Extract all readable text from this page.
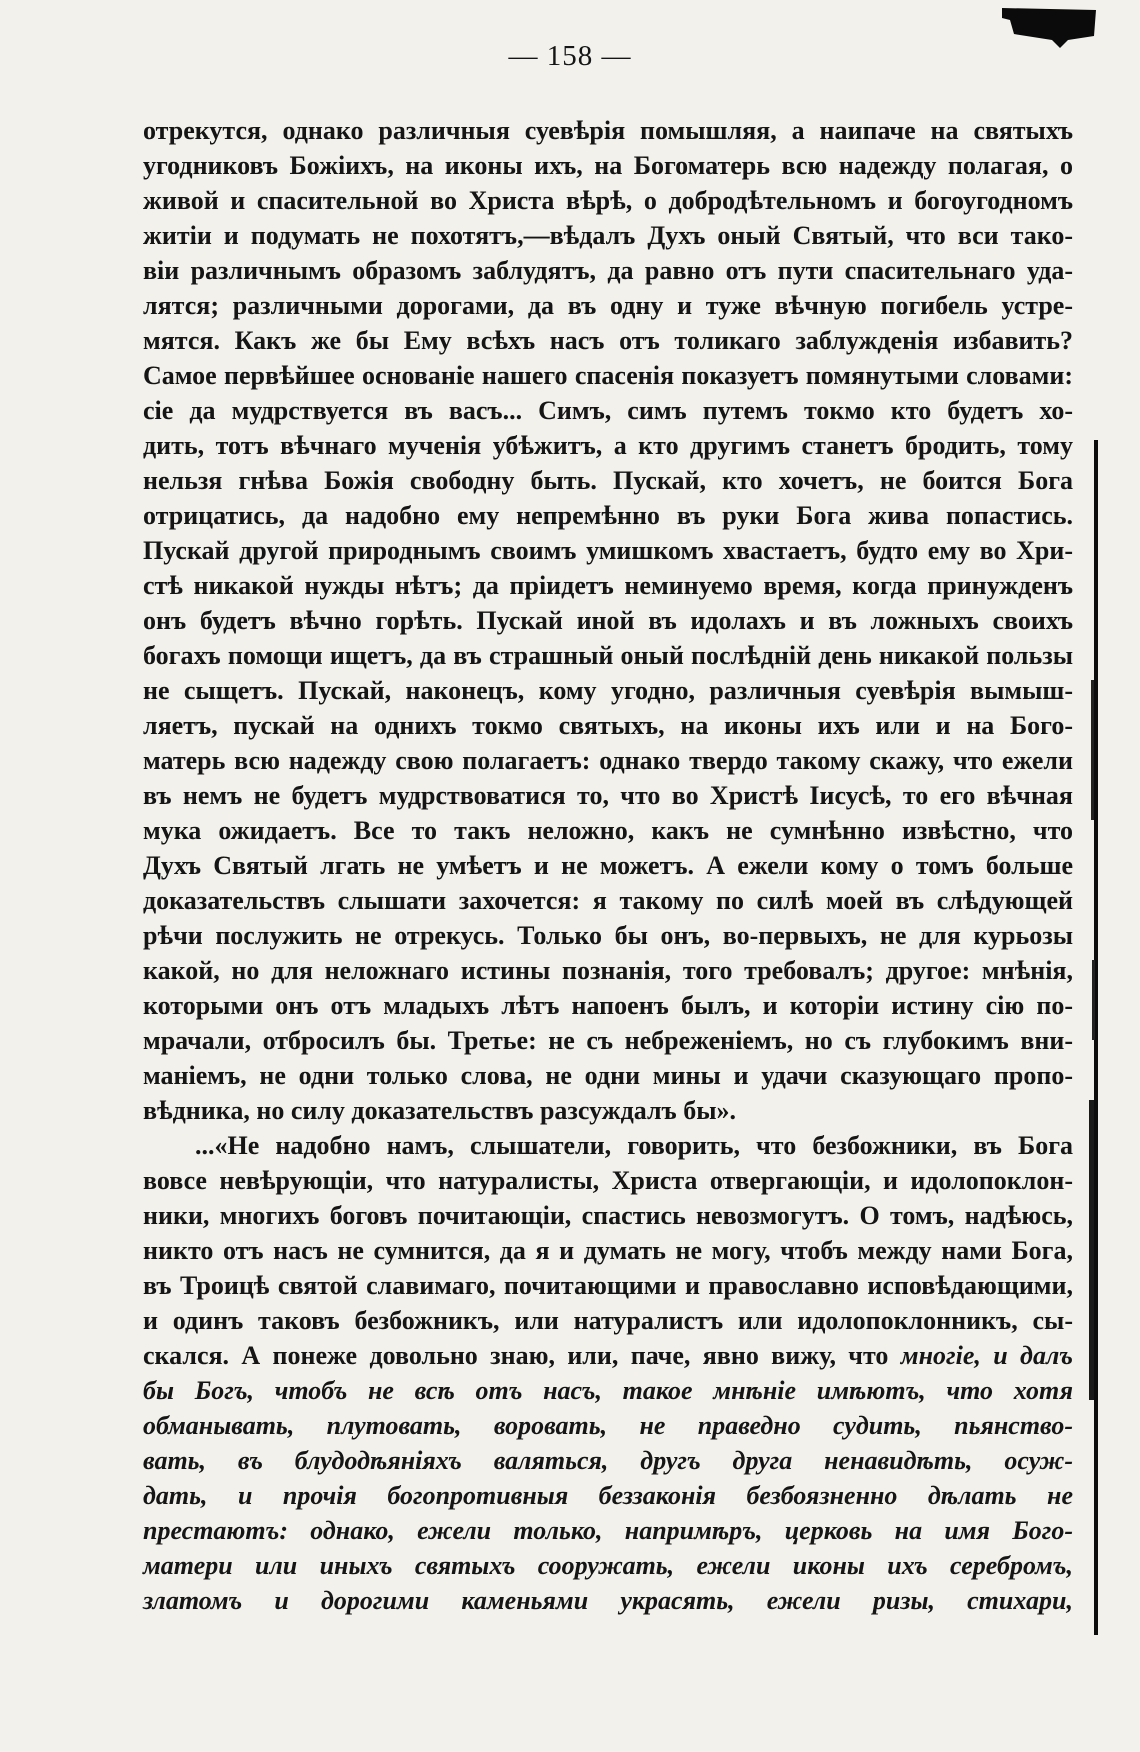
— 158 —
отрекутся, однако различныя суевѣрія помышляя, а наипаче на святыхъ
угодниковъ Божіихъ, на иконы ихъ, на Богоматерь всю надежду полагая, о
живой и спасительной во Христа вѣрѣ, о добродѣтельномъ и богоугодномъ
житіи и подумать не похотятъ,—вѣдалъ Духъ оный Святый, что вси тако-
віи различнымъ образомъ заблудятъ, да равно отъ пути спасительнаго уда-
лятся; различными дорогами, да въ одну и туже вѣчную погибель устре-
мятся. Какъ же бы Ему всѣхъ насъ отъ толикаго заблужденія избавить?
Самое первѣйшее основаніе нашего спасенія показуетъ помянутыми словами:
сіе да мудрствуется въ васъ... Симъ, симъ путемъ токмо кто будетъ хо-
дить, тотъ вѣчнаго мученія убѣжитъ, а кто другимъ станетъ бродить, тому
нельзя гнѣва Божія свободну быть. Пускай, кто хочетъ, не боится Бога
отрицатись, да надобно ему непремѣнно въ руки Бога жива попастись.
Пускай другой природнымъ своимъ умишкомъ хвастаетъ, будто ему во Хри-
стѣ никакой нужды нѣтъ; да пріидетъ неминуемо время, когда принужденъ
онъ будетъ вѣчно горѣть. Пускай иной въ идолахъ и въ ложныхъ своихъ
богахъ помощи ищетъ, да въ страшный оный послѣдній день никакой пользы
не сыщетъ. Пускай, наконецъ, кому угодно, различныя суевѣрія вымыш-
ляетъ, пускай на однихъ токмо святыхъ, на иконы ихъ или и на Бого-
матерь всю надежду свою полагаетъ: однако твердо такому скажу, что ежели
въ немъ не будетъ мудрствоватися то, что во Христѣ Іисусѣ, то его вѣчная
мука ожидаетъ. Все то такъ неложно, какъ не сумнѣнно извѣстно, что
Духъ Святый лгать не умѣетъ и не можетъ. А ежели кому о томъ больше
доказательствъ слышати захочется: я такому по силѣ моей въ слѣдующей
рѣчи послужить не отрекусь. Только бы онъ, во-первыхъ, не для курьозы
какой, но для неложнаго истины познанія, того требовалъ; другое: мнѣнія,
которыми онъ отъ младыхъ лѣтъ напоенъ былъ, и которіи истину сію по-
мрачали, отбросилъ бы. Третье: не съ небреженіемъ, но съ глубокимъ вни-
маніемъ, не одни только слова, не одни мины и удачи сказующаго пропо-
вѣдника, но силу доказательствъ разсуждалъ бы».
...«Не надобно намъ, слышатели, говорить, что безбожники, въ Бога
вовсе невѣрующіи, что натуралисты, Христа отвергающіи, и идолопоклон-
ники, многихъ боговъ почитающіи, спастись невозмогутъ. О томъ, надѣюсь,
никто отъ насъ не сумнится, да я и думать не могу, чтобъ между нами Бога,
въ Троицѣ святой славимаго, почитающими и православно исповѣдающими,
и одинъ таковъ безбожникъ, или натуралистъ или идолопоклонникъ, сы-
скался. А понеже довольно знаю, или, паче, явно вижу, что многіе, и далъ
бы Богъ, чтобъ не всѣ отъ насъ, такое мнѣніе имѣютъ, что хотя
обманывать, плутовать, воровать, не праведно судить, пьянство-
вать, въ блудодѣяніяхъ валяться, другъ друга ненавидѣть, осуж-
дать, и прочія богопротивныя беззаконія безбоязненно дѣлать не
престаютъ: однако, ежели только, напримѣръ, церковь на имя Бого-
матери или иныхъ святыхъ сооружать, ежели иконы ихъ серебромъ,
златомъ и дорогими каменьями украсять, ежели ризы, стихари,
